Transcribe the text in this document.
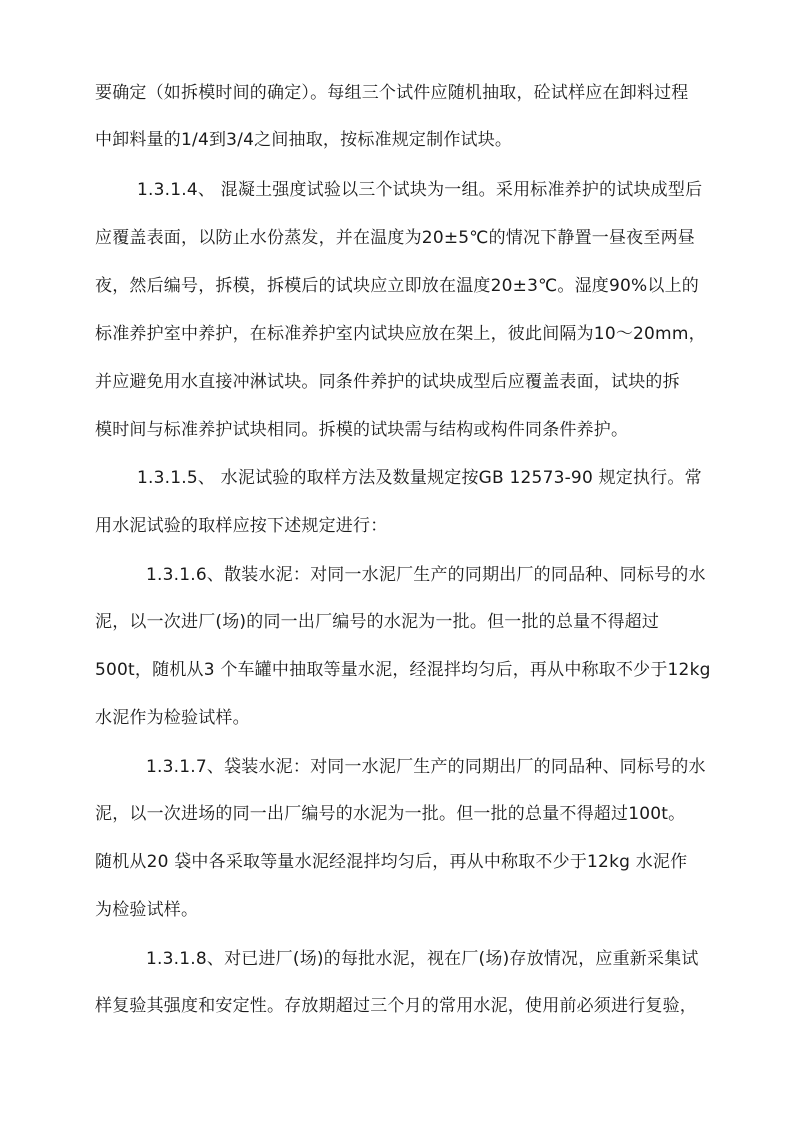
要确定（如拆模时间的确定）。每组三个试件应随机抽取，砼试样应在卸料过程
中卸料量的1/4到3/4之间抽取，按标准规定制作试块。
1.3.1.4、 混凝土强度试验以三个试块为一组。采用标准养护的试块成型后
应覆盖表面，以防止水份蒸发，并在温度为20±5℃的情况下静置一昼夜至两昼
夜，然后编号，拆模，拆模后的试块应立即放在温度20±3℃。湿度90%以上的
标准养护室中养护，在标准养护室内试块应放在架上，彼此间隔为10～20mm，
并应避免用水直接冲淋试块。同条件养护的试块成型后应覆盖表面，试块的拆
模时间与标准养护试块相同。拆模的试块需与结构或构件同条件养护。
1.3.1.5、 水泥试验的取样方法及数量规定按GB 12573-90 规定执行。常
用水泥试验的取样应按下述规定进行：
1.3.1.6、散装水泥：对同一水泥厂生产的同期出厂的同品种、同标号的水
泥，以一次进厂(场)的同一出厂编号的水泥为一批。但一批的总量不得超过
500t，随机从3 个车罐中抽取等量水泥，经混拌均匀后，再从中称取不少于12kg
水泥作为检验试样。
1.3.1.7、袋装水泥：对同一水泥厂生产的同期出厂的同品种、同标号的水
泥，以一次进场的同一出厂编号的水泥为一批。但一批的总量不得超过100t。
随机从20 袋中各采取等量水泥经混拌均匀后，再从中称取不少于12kg 水泥作
为检验试样。
1.3.1.8、对已进厂(场)的每批水泥，视在厂(场)存放情况，应重新采集试
样复验其强度和安定性。存放期超过三个月的常用水泥，使用前必须进行复验，
